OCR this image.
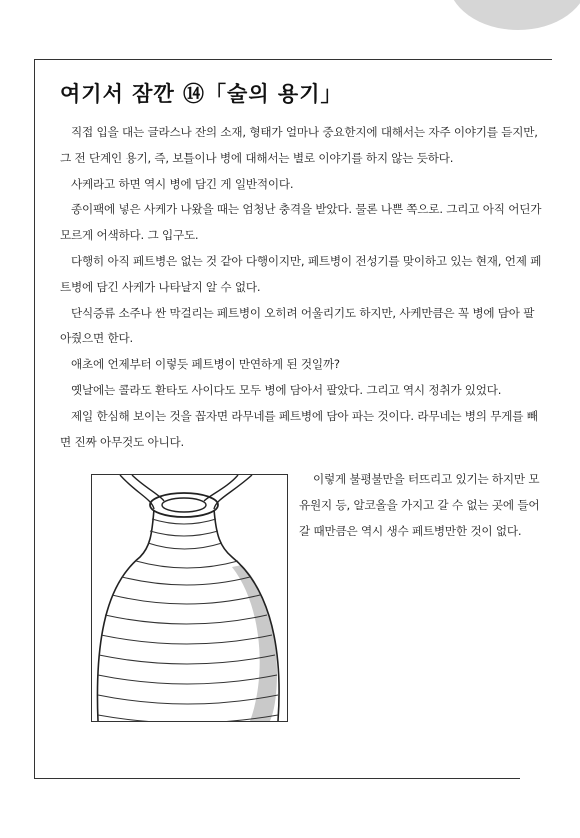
여기서 잠깐 ⑭「술의 용기」

직접 입을 대는 글라스나 잔의 소재, 형태가 얼마나 중요한지에 대해서는 자주 이야기를 듣지만, 그 전 단계인 용기, 즉, 보틀이나 병에 대해서는 별로 이야기를 하지 않는 듯하다.

사케라고 하면 역시 병에 담긴 게 일반적이다.

종이팩에 넣은 사케가 나왔을 때는 엄청난 충격을 받았다. 물론 나쁜 쪽으로. 그리고 아직 어딘가 모르게 어색하다. 그 입구도.

다행히 아직 페트병은 없는 것 같아 다행이지만, 페트병이 전성기를 맞이하고 있는 현재, 언제 페트병에 담긴 사케가 나타날지 알 수 없다.

단식증류 소주나 싼 막걸리는 페트병이 오히려 어울리기도 하지만, 사케만큼은 꼭 병에 담아 팔아줬으면 한다.

애초에 언제부터 이렇듯 페트병이 만연하게 된 것일까?

옛날에는 콜라도 환타도 사이다도 모두 병에 담아서 팔았다. 그리고 역시 정취가 있었다.

제일 한심해 보이는 것을 꼽자면 라무네를 페트병에 담아 파는 것이다. 라무네는 병의 무게를 빼면 진짜 아무것도 아니다.

이렇게 불평불만을 터뜨리고 있기는 하지만 모 유원지 등, 알코올을 가지고 갈 수 없는 곳에 들어갈 때만큼은 역시 생수 페트병만한 것이 없다.
